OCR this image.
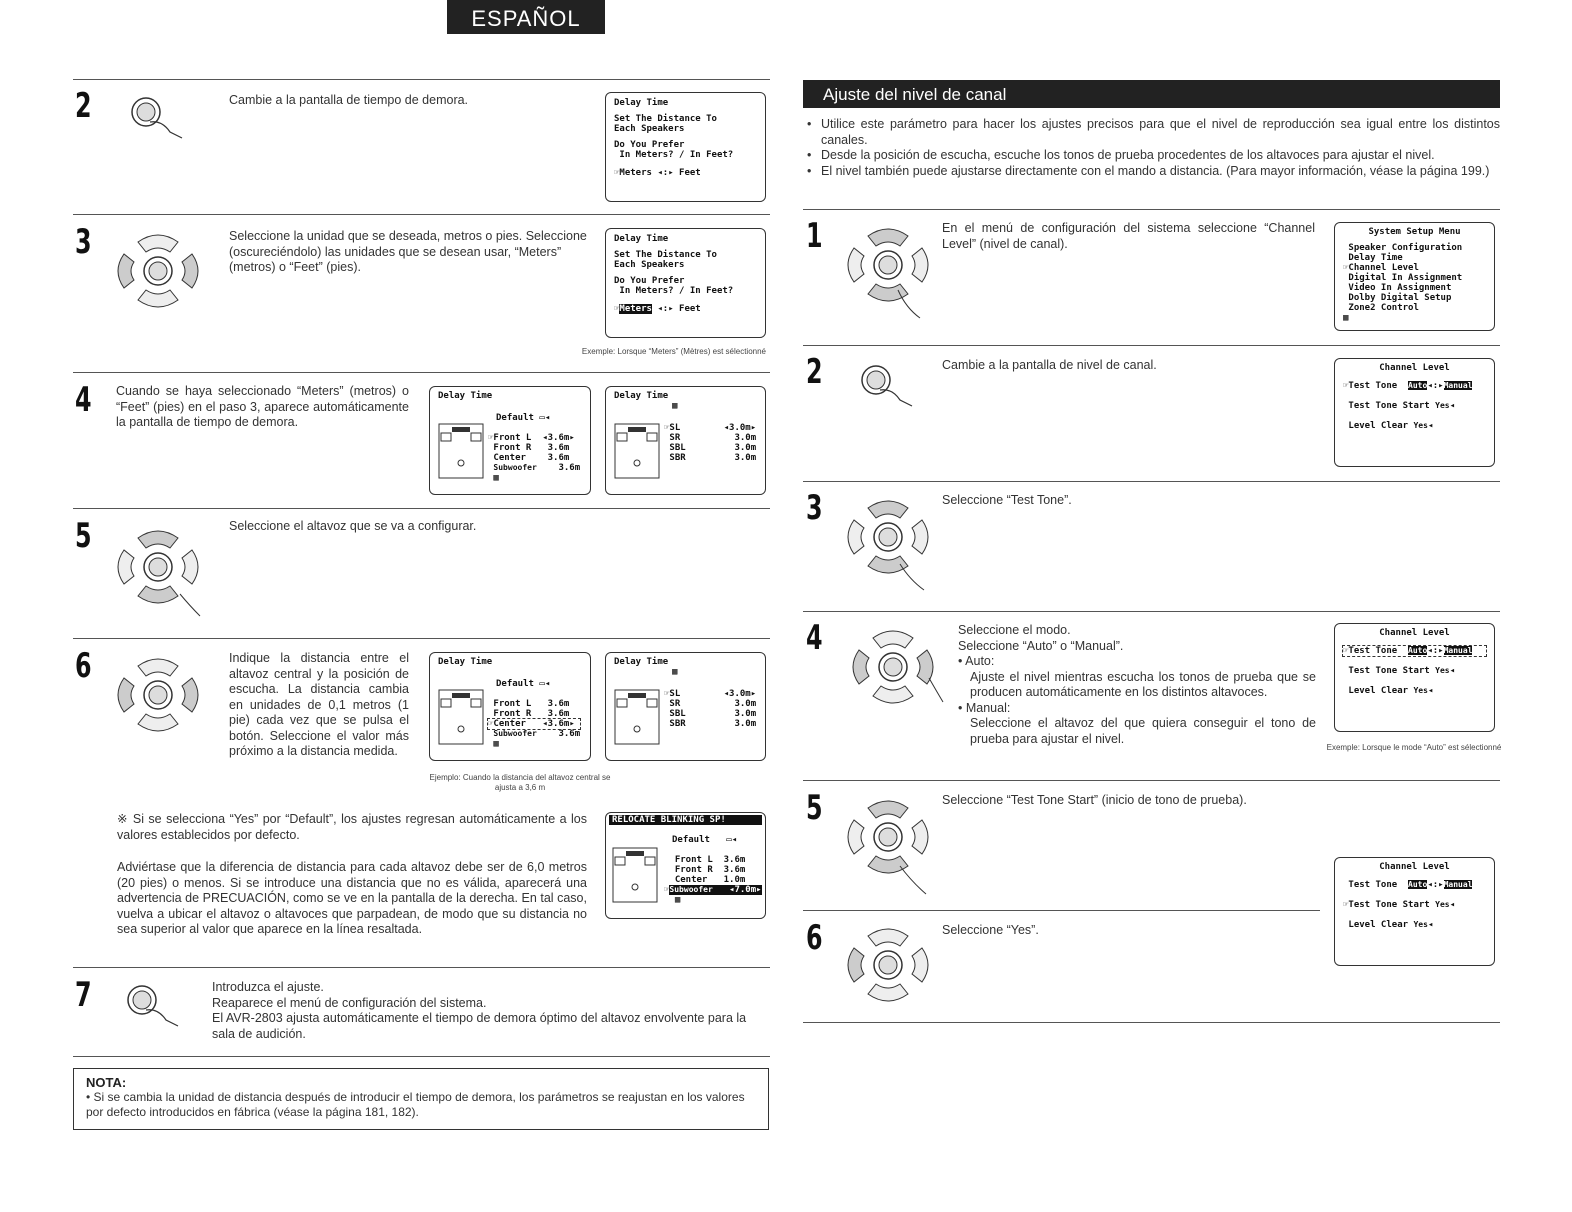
ESPAÑOL
2	Cambie a la pantalla de tiempo de demora.	Delay Time
Set The Distance To
Each Speakers
Do You Prefer
In Meters? / In Feet?
☞Meters ◂:▸ Feet
3	Seleccione la unidad que se deseada, metros o pies. Seleccione (oscureciéndolo) las unidades que se desean usar, “Meters” (metros) o “Feet” (pies).
Delay Time
Set The Distance To
Each Speakers
Do You Prefer
In Meters? / In Feet?
☞Meters ◂:▸ Feet
Exemple: Lorsque “Meters” (Mètres) est sélectionné
4 Cuando se haya seleccionado “Meters” (metros) o “Feet” (pies) en el paso 3, aparece automáticamente la pantalla de tiempo de demora.
Delay Time
Default ▭◂
☞Front L  ◂3.6m▸
Front R 3.6m
Center 3.6m
Subwoofer 3.6m
▦
Delay Time
▦
☞SL        ◂3.0m▸
SR	3.0m
SBL	3.0m
SBR	3.0m
5	Seleccione el altavoz que se va a configurar.
6	Indique la distancia entre el altavoz central y la posición de escucha. La distancia cambia en unidades de 0,1 metros (1 pie) cada vez que se pulsa el botón. Seleccione el valor más próximo a la distancia medida.
Delay Time
Default ▭◂
Front L 3.6m
Front R 3.6m
☞Center   ◂3.6m▸
Subwoofer 3.6m
▦
Delay Time
▦
☞SL        ◂3.0m▸
SR	3.0m
SBL	3.0m
SBR	3.0m
Ejemplo: Cuando la distancia del altavoz central se ajusta a 3,6 m
※ Si se selecciona “Yes” por “Default”, los ajustes regresan automáticamente a los valores establecidos por defecto.
Adviértase que la diferencia de distancia para cada altavoz debe ser de 6,0 metros (20 pies) o menos. Si se introduce una distancia que no es válida, aparecerá una advertencia de PRECUACIÓN, como se ve en la pantalla de la derecha. En tal caso, vuelva a ubicar el altavoz o altavoces que parpadean, de modo que su distancia no sea superior al valor que aparece en la línea resaltada.
RELOCATE BLINKING SP!
Default   ▭◂
Front L 3.6m
Front R 3.6m
Center 1.0m
☞Subwoofer   ◂7.0m▸
▦
7	Introduzca el ajuste.
Reaparece el menú de configuración del sistema.
El AVR-2803 ajusta automáticamente el tiempo de demora óptimo del altavoz envolvente para la sala de audición.
NOTA:
• Si se cambia la unidad de distancia después de introducir el tiempo de demora, los parámetros se reajustan en los valores por defecto introducidos en fábrica (véase la página 181, 182).
Ajuste del nivel de canal
• Utilice este parámetro para hacer los ajustes precisos para que el nivel de reproducción sea igual entre los distintos canales.
• Desde la posición de escucha, escuche los tonos de prueba procedentes de los altavoces para ajustar el nivel.
• El nivel también puede ajustarse directamente con el mando a distancia. (Para mayor información, véase la página 199.)
1	En el menú de configuración del sistema seleccione “Channel Level” (nivel de canal).
System Setup Menu
Speaker Configuration
Delay Time
☞Channel Level
Digital In Assignment
Video In Assignment
Dolby Digital Setup
Zone2 Control
▦
2	Cambie a la pantalla de nivel de canal.	Channel Level
☞Test Tone Auto◂:▸Manual
Test Tone Start Yes◂
Level Clear Yes◂
3	Seleccione “Test Tone”.
4	Seleccione el modo.
Seleccione “Auto” o “Manual”.
• Auto:
Ajuste el nivel mientras escucha los tonos de prueba que se producen automáticamente en los distintos altavoces.
• Manual:
Seleccione el altavoz del que quiera conseguir el tono de prueba para ajustar el nivel.
Channel Level
☞Test Tone Auto◂:▸Manual
Test Tone Start Yes◂
Level Clear Yes◂
Exemple: Lorsque le mode “Auto” est sélectionné
5	Seleccione “Test Tone Start” (inicio de tono de prueba).
Channel Level
Test Tone Auto◂:▸Manual
☞Test Tone Start Yes◂
Level Clear Yes◂
6	Seleccione “Yes”.
